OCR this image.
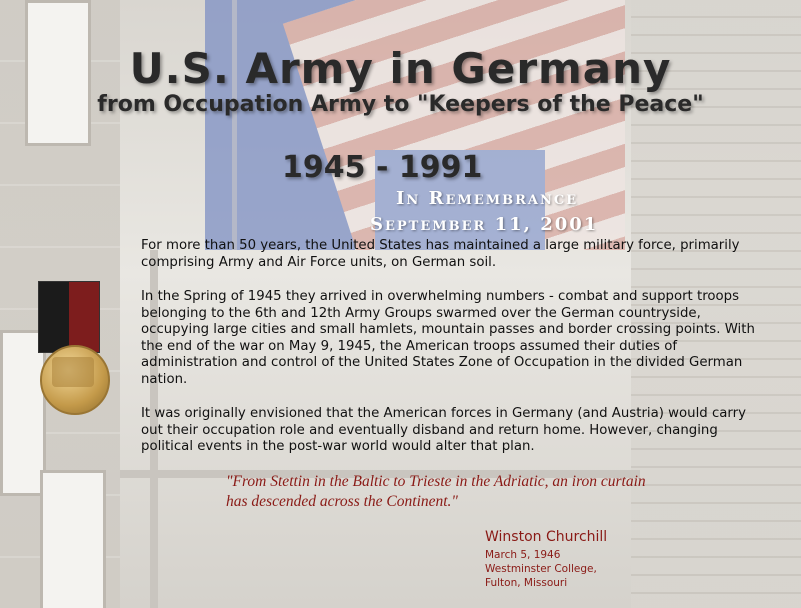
U.S. Army in Germany
from Occupation Army to "Keepers of the Peace"
1945 - 1991
In Remembrance
September 11, 2001

For more than 50 years, the United States has maintained a large military force, primarily comprising Army and Air Force units, on German soil.

In the Spring of 1945 they arrived in overwhelming numbers - combat and support troops belonging to the 6th and 12th Army Groups swarmed over the German countryside, occupying large cities and small hamlets, mountain passes and border crossing points. With the end of the war on May 9, 1945, the American troops assumed their duties of administration and control of the United States Zone of Occupation in the divided German nation.

It was originally envisioned that the American forces in Germany (and Austria) would carry out their occupation role and eventually disband and return home. However, changing political events in the post-war world would alter that plan.

"From Stettin in the Baltic to Trieste in the Adriatic, an iron curtain has descended across the Continent."

Winston Churchill

March 5, 1946

Westminster College,

Fulton, Missouri
